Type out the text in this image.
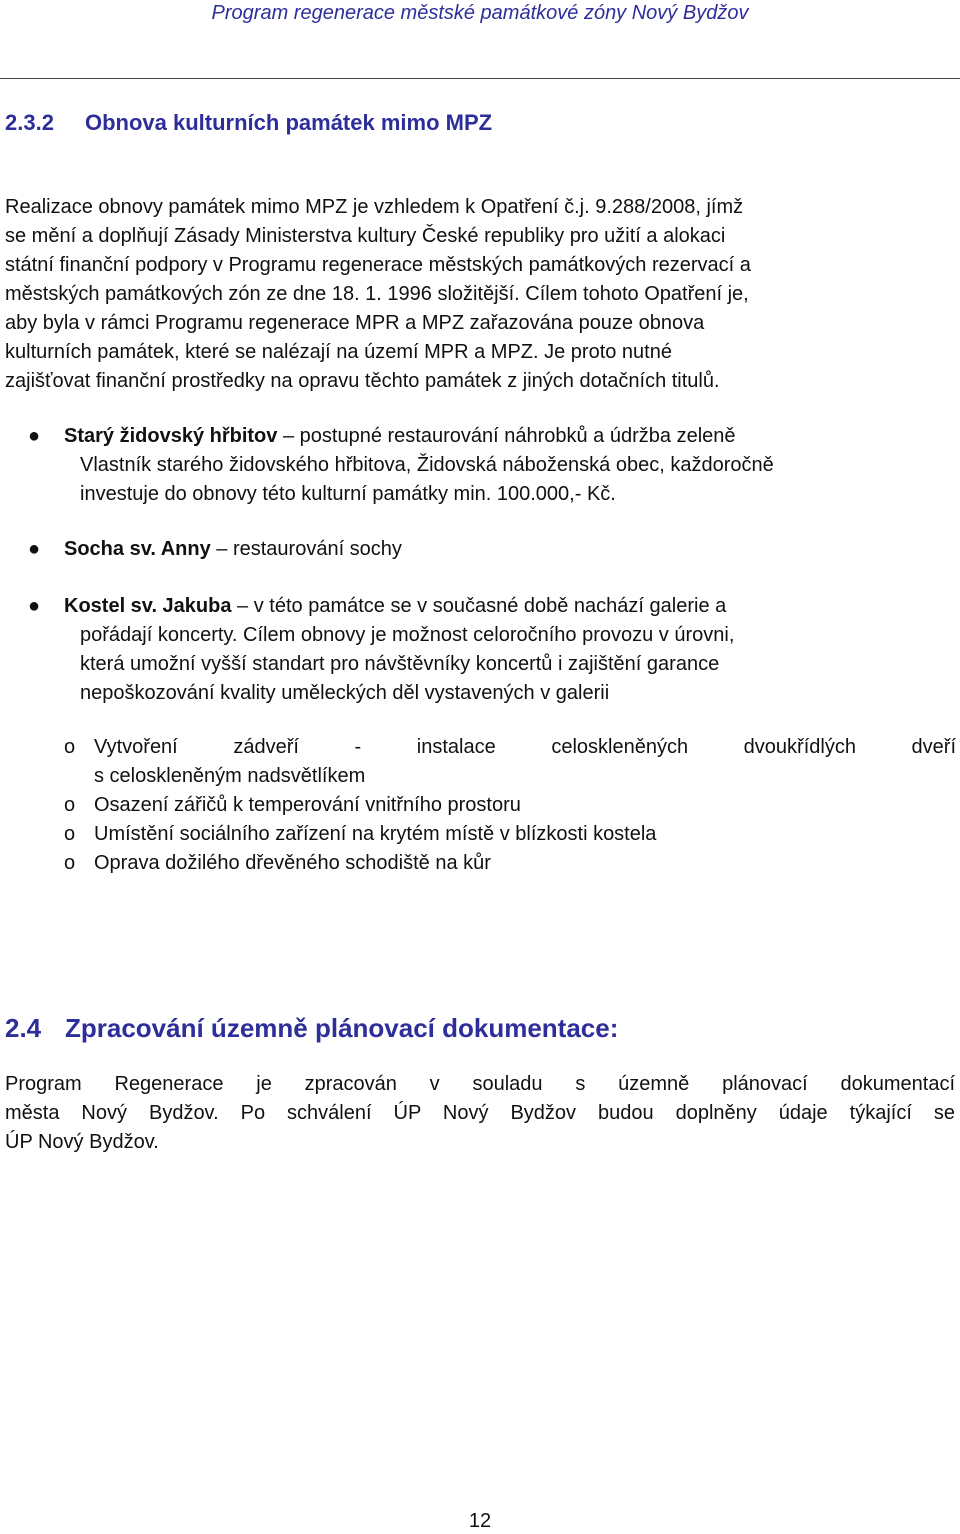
Program regenerace městské památkové zóny Nový Bydžov
2.3.2 Obnova kulturních památek mimo MPZ
Realizace obnovy památek mimo MPZ je vzhledem k Opatření č.j. 9.288/2008, jímž
se mění a doplňují Zásady Ministerstva kultury České republiky pro užití a alokaci
státní finanční podpory v Programu regenerace městských památkových rezervací a
městských památkových zón ze dne 18. 1. 1996 složitější. Cílem tohoto Opatření je,
aby byla v rámci Programu regenerace MPR a MPZ zařazována pouze obnova
kulturních památek, které se nalézají na území MPR a MPZ. Je proto nutné
zajišťovat finanční prostředky na opravu těchto památek z jiných dotačních titulů.
● Starý židovský hřbitov – postupné restaurování náhrobků a údržba zeleně
Vlastník starého židovského hřbitova, Židovská náboženská obec, každoročně
investuje do obnovy této kulturní památky min. 100.000,- Kč.
● Socha sv. Anny – restaurování sochy
● Kostel sv. Jakuba – v této památce se v současné době nachází galerie a
pořádají koncerty. Cílem obnovy je možnost celoročního provozu v úrovni,
která umožní vyšší standart pro návštěvníky koncertů i zajištění garance
nepoškozování kvality uměleckých děl vystavených v galerii
o Vytvoření zádveří - instalace celoskleněných dvoukřídlých dveří
s celoskleněným nadsvětlíkem
o Osazení zářičů k temperování vnitřního prostoru
o Umístění sociálního zařízení na krytém místě v blízkosti kostela
o Oprava dožilého dřevěného schodiště na kůr
2.4 Zpracování územně plánovací dokumentace:
Program Regenerace je zpracován v souladu s územně plánovací dokumentací
města Nový Bydžov. Po schválení ÚP Nový Bydžov budou doplněny údaje týkající se
ÚP Nový Bydžov.
12
